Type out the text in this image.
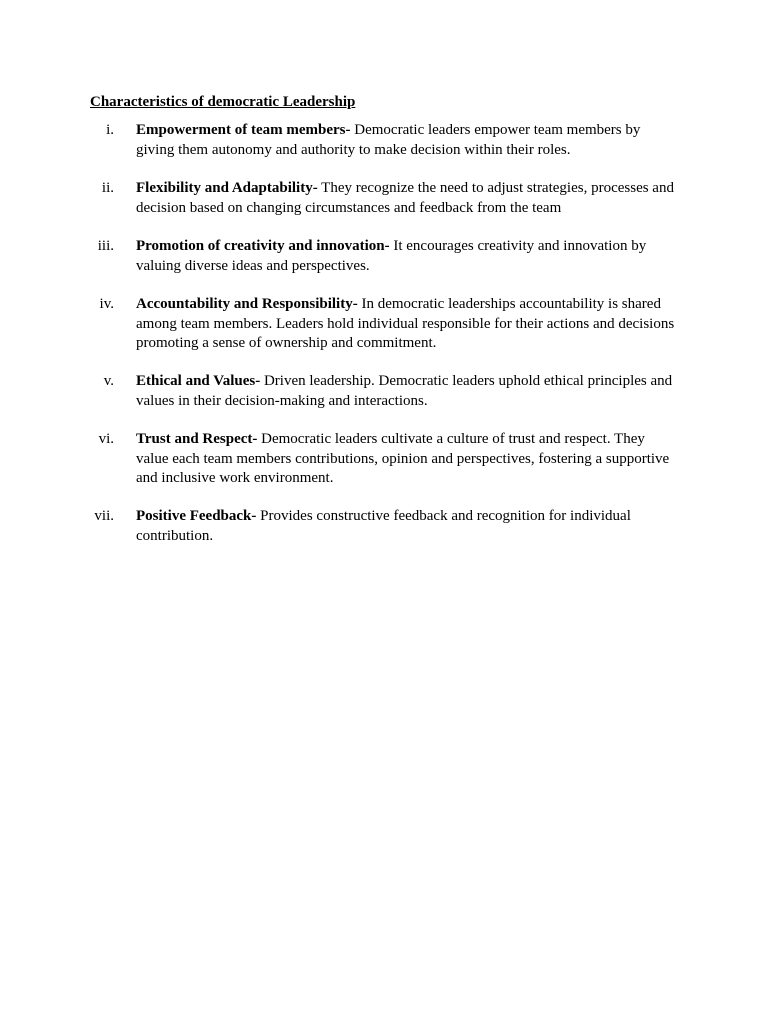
Characteristics of democratic Leadership
i. Empowerment of team members- Democratic leaders empower team members by giving them autonomy and authority to make decision within their roles.
ii. Flexibility and Adaptability- They recognize the need to adjust strategies, processes and decision based on changing circumstances and feedback from the team
iii. Promotion of creativity and innovation- It encourages creativity and innovation by valuing diverse ideas and perspectives.
iv. Accountability and Responsibility- In democratic leaderships accountability is shared among team members. Leaders hold individual responsible for their actions and decisions promoting a sense of ownership and commitment.
v. Ethical and Values- Driven leadership. Democratic leaders uphold ethical principles and values in their decision-making and interactions.
vi. Trust and Respect- Democratic leaders cultivate a culture of trust and respect. They value each team members contributions, opinion and perspectives, fostering a supportive and inclusive work environment.
vii. Positive Feedback- Provides constructive feedback and recognition for individual contribution.
